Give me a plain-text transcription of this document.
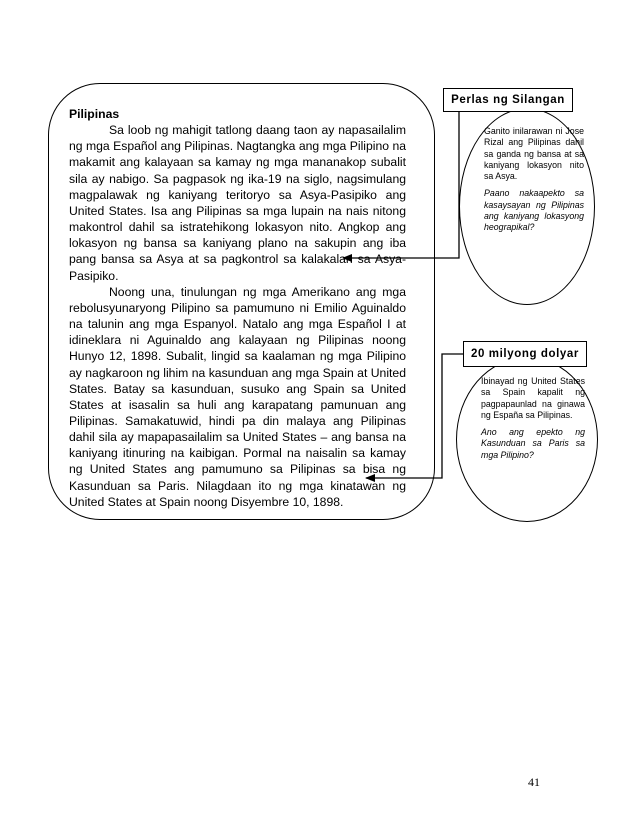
Pilipinas

Sa loob ng mahigit tatlong daang taon ay napasailalim ng mga Español ang Pilipinas. Nagtangka ang mga Pilipino na makamit ang kalayaan sa kamay ng mga mananakop subalit sila ay nabigo. Sa pagpasok ng ika-19 na siglo, nagsimulang magpalawak ng kaniyang teritoryo sa Asya-Pasipiko ang United States. Isa ang Pilipinas sa mga lupain na nais nitong makontrol dahil sa istratehikong lokasyon nito. Angkop ang lokasyon ng bansa sa kaniyang plano na sakupin ang iba pang bansa sa Asya at sa pagkontrol sa kalakalan sa Asya-Pasipiko.

Noong una, tinulungan ng mga Amerikano ang mga rebolusyunaryong Pilipino sa pamumuno ni Emilio Aguinaldo na talunin ang mga Espanyol. Natalo ang mga Español I at idineklara ni Aguinaldo ang kalayaan ng Pilipinas noong Hunyo 12, 1898. Subalit, lingid sa kaalaman ng mga Pilipino ay nagkaroon ng lihim na kasunduan ang mga Spain at United States. Batay sa kasunduan, susuko ang Spain sa United States at isasalin sa huli ang karapatang pamunuan ang Pilipinas. Samakatuwid, hindi pa din malaya ang Pilipinas dahil sila ay mapapasailalim sa United States – ang bansa na kaniyang itinuring na kaibigan. Pormal na naisalin sa kamay ng United States ang pamumuno sa Pilipinas sa bisa ng Kasunduan sa Paris. Nilagdaan ito ng mga kinatawan ng United States at Spain noong Disyembre 10, 1898.

Perlas ng Silangan
20 milyong dolyar

Ganito inilarawan ni Jose Rizal ang Pilipinas dahil sa ganda ng bansa at sa kaniyang lokasyon nito sa Asya.

Paano nakaapekto sa kasaysayan ng Pilipinas ang kaniyang lokasyong heograpikal?

Ibinayad ng United States sa Spain kapalit ng pagpapaunlad na ginawa ng España sa Pilipinas.

Ano ang epekto ng Kasunduan sa Paris sa mga Pilipino?

41
